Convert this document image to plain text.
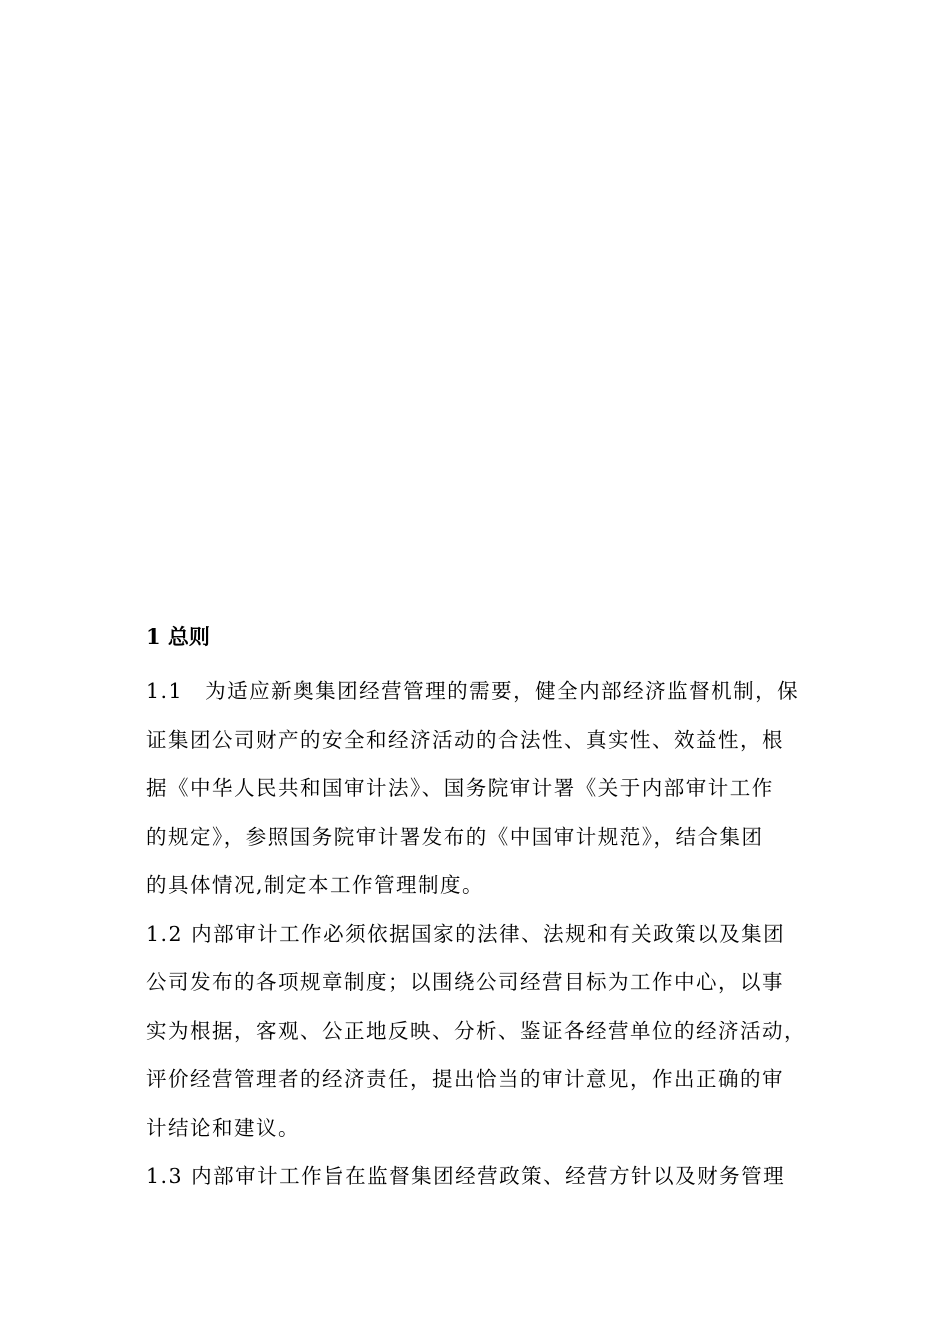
1 总则
1.1　为适应新奥集团经营管理的需要，健全内部经济监督机制，保
证集团公司财产的安全和经济活动的合法性、真实性、效益性，根
据《中华人民共和国审计法》、国务院审计署《关于内部审计工作
的规定》，参照国务院审计署发布的《中国审计规范》，结合集团
的具体情况,制定本工作管理制度。
1.2 内部审计工作必须依据国家的法律、法规和有关政策以及集团
公司发布的各项规章制度；以围绕公司经营目标为工作中心，以事
实为根据，客观、公正地反映、分析、鉴证各经营单位的经济活动，
评价经营管理者的经济责任，提出恰当的审计意见，作出正确的审
计结论和建议。
1.3 内部审计工作旨在监督集团经营政策、经营方针以及财务管理
